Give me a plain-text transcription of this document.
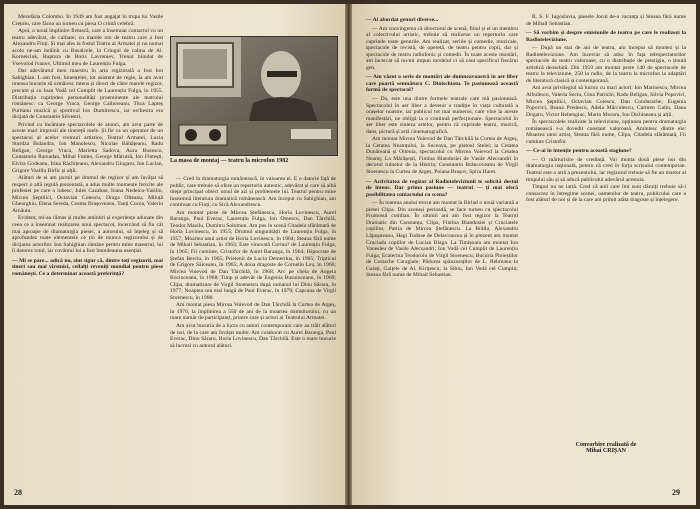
Mezelăria Colombo. În 1949 am fost angajat în trupa lui Vasile Crețoiu, care făcea un turneu cu piesa O crimă celebră.

Apoi, o nouă împlinire firească, care a însemnat contactul cu un teatru adevărat, de calitate; cu marele om de teatru care a fost Alexandru Finți. Și mai ales la fostul Teatru al Armatei și nu numai acolo ne-am întâlnit cu Rusalcele, la Cringul de calina de Al. Korneiciuk, Ruptura de Boris Lavreniev, Trenul blindat de Vsevolod Ivanov, Ultimul meu de Laurențiu Fulga.

Dar adevăratul meu maestru în arta regizorală a fost Ion Sahighian. L-am fost, binențeles, tot asistent de regie, la am avut imensa bucurie să urmăresc intens și direct de către marele regizor, precum și cu Ioan Vodă cel Cumplit de Laurențiu Fulga, în 1955. Distribuția cuprindea personalități proeminente ale teatrului românesc: ca George Vraca, George Calboreanu, Titus Lapteș Puritanu muzică și sportivul Ion Dumitrescu, iar orchestra era dirijată de Constantin Silvestri.

Privind cu încântare spectacolele de atunci, am avut parte de aceste mari impresii ale tinereții mele. Și fie ca un operator de un spectacol al acelor vremuri artistice, Teatrul Armatei, Lucia Sturdza Bulandra, Ion Manolescu, Nicolae Băltățeanu, Radu Beligan, George Vraca, Marietta Sadova, Aura Buzescu, Constantin Ramadan, Mihai Fotino, George Mărutză, Ion Fintești, Elvira Godeanu, Irina Răchițeanu, Alexandru Giugaru, Ion Lucian, Grigore Vasiliu Birlic și alții.

Alături de ei am pornit pe drumul de regizor și am învățat să respect o altă regulă prezentată, a adus multe momente fericite ale profesiei pe care o iubesc, Jules Cazaban, Ioana Nedelcu-Vasiliu, Mircea Șeptilici, Octavian Cotescu, Draga Olteanu, Miluță Gheorghiu, Elena Sereda, Cosma Brașoveanu, Tanți Cocea, Valeriu Arnăutu.

Evident, mi-au rămas și multe amintiri și experiențe adunate din ceea ce a însemnat realizarea unui spectacol, încercând să fiu cât mai aproape de dramaturgia piesei, a autorului, să înțeleg și să aprofundez toate elementele ce țin de munca regizorului și de dirijarea actorilor. Ion Sahighian rămâne pentru mine maestrul, lui îi datorez totul, iar cuvântul lui a fost întotdeauna esențial.

— Mi se pare... adică nu, sînt sigur că, dintre toți regizorii, mai tineri sau mai vîrstnici, ceilalți reveniți mondial pentru piese românești. Ce a determinat această preferință?

La masa de montaj — teatru la microfon 1982

— Cred în dramaturgia românească, în valoarea ei. E o datorie față de public, care trebuie să ofere un repertoriu autentic, adevărat și care să aibă drept principal obiect omul de azi și problemele lui. Teatrul pentru mine înseamnă literatura dramatică românească. Am început cu Sahighian, am continuat cu Finți, cu Sică Alexandrescu.

Am montat piese de Mircea Ștefănescu, Horia Lovinescu, Aurel Baranga, Paul Everac, Laurențiu Fulga, Ion Omescu, Dan Tărchilă, Teodor Mazilu, Dumitru Solomon. Am pus în scenă Citadela sfărâmată de Horia Lovinescu, în 1955; Drumul singurătății de Laurențiu Fulga, în 1957; Moartea unui artist de Horia Lovinescu, în 1964; Steaua fără nume de Mihail Sebastian, în 1963; Este vinovată Corina? de Laurențiu Fulga, în 1965; Fii cuminte, Cristofor de Aurel Baranga, în 1964; Hipocrate de Ștefan Berciu, în 1965; Prietenii de Lucia Demetrius, în 1965; Tripticul de Grigore Sălceanu, în 1965; A doua dragoste de Corneliu Leu, în 1966; Mircea Voievod de Dan Tărchilă, în 1968; Arc pe cheia de Angela Bocioceanu, în 1968; Timp și adevăr de Eugenia Busuioceanu, în 1969; Clipa, dramatizare de Virgil Stoenescu după romanul lui Dinu Săraru, în 1977; Noaptea cea mai lungă de Paul Everac, în 1979; Capcana de Virgil Stoenescu, în 1980.

Am montat piesa Mircea Voievod de Dan Tărchilă la Curtea de Argeș, în 1970, la împlinirea a 550 de ani de la moartea domnitorului, cu un mare număr de participanți, printre care și actori ai Teatrului Armatei.

Am avut bucuria de a lucra cu autori contemporani care au trăit alături de noi, de la care am învățat multe. Am colaborat cu Aurel Baranga, Paul Everac, Dinu Săraru, Horia Lovinescu, Dan Tărchilă. Este o mare bucurie să lucrezi cu autorul alături.

28

— Ai abordat genuri diverse...

— Am convingerea că directorul de scenă, fiind și el un membru al colectivului artistic, trebuie să realizeze un repertoriu care cuprinde toate genurile. Am realizat, seriile și comedie, muzicale, spectacole de revistă, de operetă, de teatru pentru copii, dar și spectacole de teatru radiofonic și comedii. În toate aceste montări, am încercat să nu-mi impun modelul ci să caut specificul fiecărui gen.

— Am văzut o serie de montări ale dumneavoastră în aer liber care poartă semnătura C. Dinischiotu. Te pasionează această formă de spectacol?

— Da, este una dintre formele teatrale care mă pasionează. Spectacolul în aer liber a devenit o tradiție în viața culturală a orașelor noastre, iar publicul tot mai numeros, care vine la aceste manifestări, ne obligă la o continuă perfecționare. Spectacolul în aer liber este sinteza artelor, pentru că cuprinde teatru, muzică, dans, pictură și artă cinematografică.

Am montat Mircea Voievod de Dan Tărchilă la Curtea de Argeș, la Cetatea Neamțului, la Suceava, pe platoul Stelei; la Cetatea Dunăreană și Oltenia, spectacolul cu Mircea Voievod la Cetatea Neamț; La Mărășești, Fintina Blandusiei de Vasile Alecsandri în decorul ruinelor de la Histria; Constantin Brâncoveanu de Virgil Stoenescu la Curtea de Argeș, Poiana Brașov, Spiru Haret.

— Activitatea de regizor al Radioteleviziunii te solicită destul de intens. Dar prima pasiune — teatrul — ți mai oferă posibilitatea contactului cu scena?

— În toamna anului trecut am montat la Birlad o nouă variantă a piesei Clipa. Din aceeași perioadă, se face turneu cu spectacolul Frumosul cotidian. În ultimii ani am fost regizor la Teatrul Dramatic din Constanța, Clipa, Fintina Blandusiei și Cruciatele copiilor, Patria de Mircea Ștefănescu. La Brăila, Alexandru Lăpușneanu, Hagi Tudose de Delavrancea și în prezent am montat Cruciada copiilor de Lucian Blaga. La Timișoara am montat Ion Vanesleu de Vasile Alecsandri; Ion Vodă cel Cumplit de Laurențiu Fulga; Ecaterina Teodoroiu de Virgil Stoenescu; Bucuria Ploieștilor de Costache Caragiale; Pădurea spânzuraților de L. Rebreanu la Galați, Gaițele de Al. Kirițescu; la Sibiu, Ion Vodă cel Cumplit; Steaua fără nume de Mihail Sebastian.

R. S. F. Iugoslavia, piesele Jocul de-a vacanța și Steaua fără nume de Mihail Sebastian.

— Să vorbim și despre emisiunile de teatru pe care le realizezi la Radioteleviziune.

— După un stat de ani de teatru, am început să montez și la Radioteleviziune. Am încercat să aduc în fața telespectatorilor spectacole de teatru valoroase, cu o distribuție de prestigiu, o ținută artistică deosebită. Din 1959 am montat peste 140 de spectacole de teatru la televiziune, 250 la radio, de la teatru la microfon la adaptări de literatură clasică și contemporană.

Am avut privilegiul să lucrez cu mari actori: Ion Marinescu, Mircea Albulescu, Valeria Seciu, Gina Patrichi, Radu Beligan, Silvia Popovici, Mircea Șeptilici, Octavian Cotescu, Dan Condurache, Eugenia Popovici, Ileana Predescu, Adela Mărculescu, Carmen Galin, Dana Dogaru, Victor Rebengiuc, Marin Moraru, Ion Dichiseanu și alții.

În spectacolele realizate la televiziune, opțiunea pentru dramaturgia românească s-a dovedit constant valoroasă. Amintesc dintre ele: Moartea unui artist, Steaua fără nume, Clipa, Citadela sfărâmată, Fii cuminte Cristofor.

— Ce-ai în intenție pentru această stagiune?

— O mărturisire de credință. Voi monta două piese noi din dramaturgia națională, pentru că cred în forța scrisului contemporan. Teatrul este o artă a prezentului, iar regizorul trebuie să fie un martor al timpului său și să aducă publicului adevărul acestuia.

Timpul nu ne iartă. Cred că anii care îmi sunt dăruiți trebuie să-i consacrez în întregime scenei, oamenilor de teatru, publicului care a fost alături de noi și de la care am primit atâta dragoste și înțelegere.

Convorbire realizată de
Mihai CRIȘAN
29
